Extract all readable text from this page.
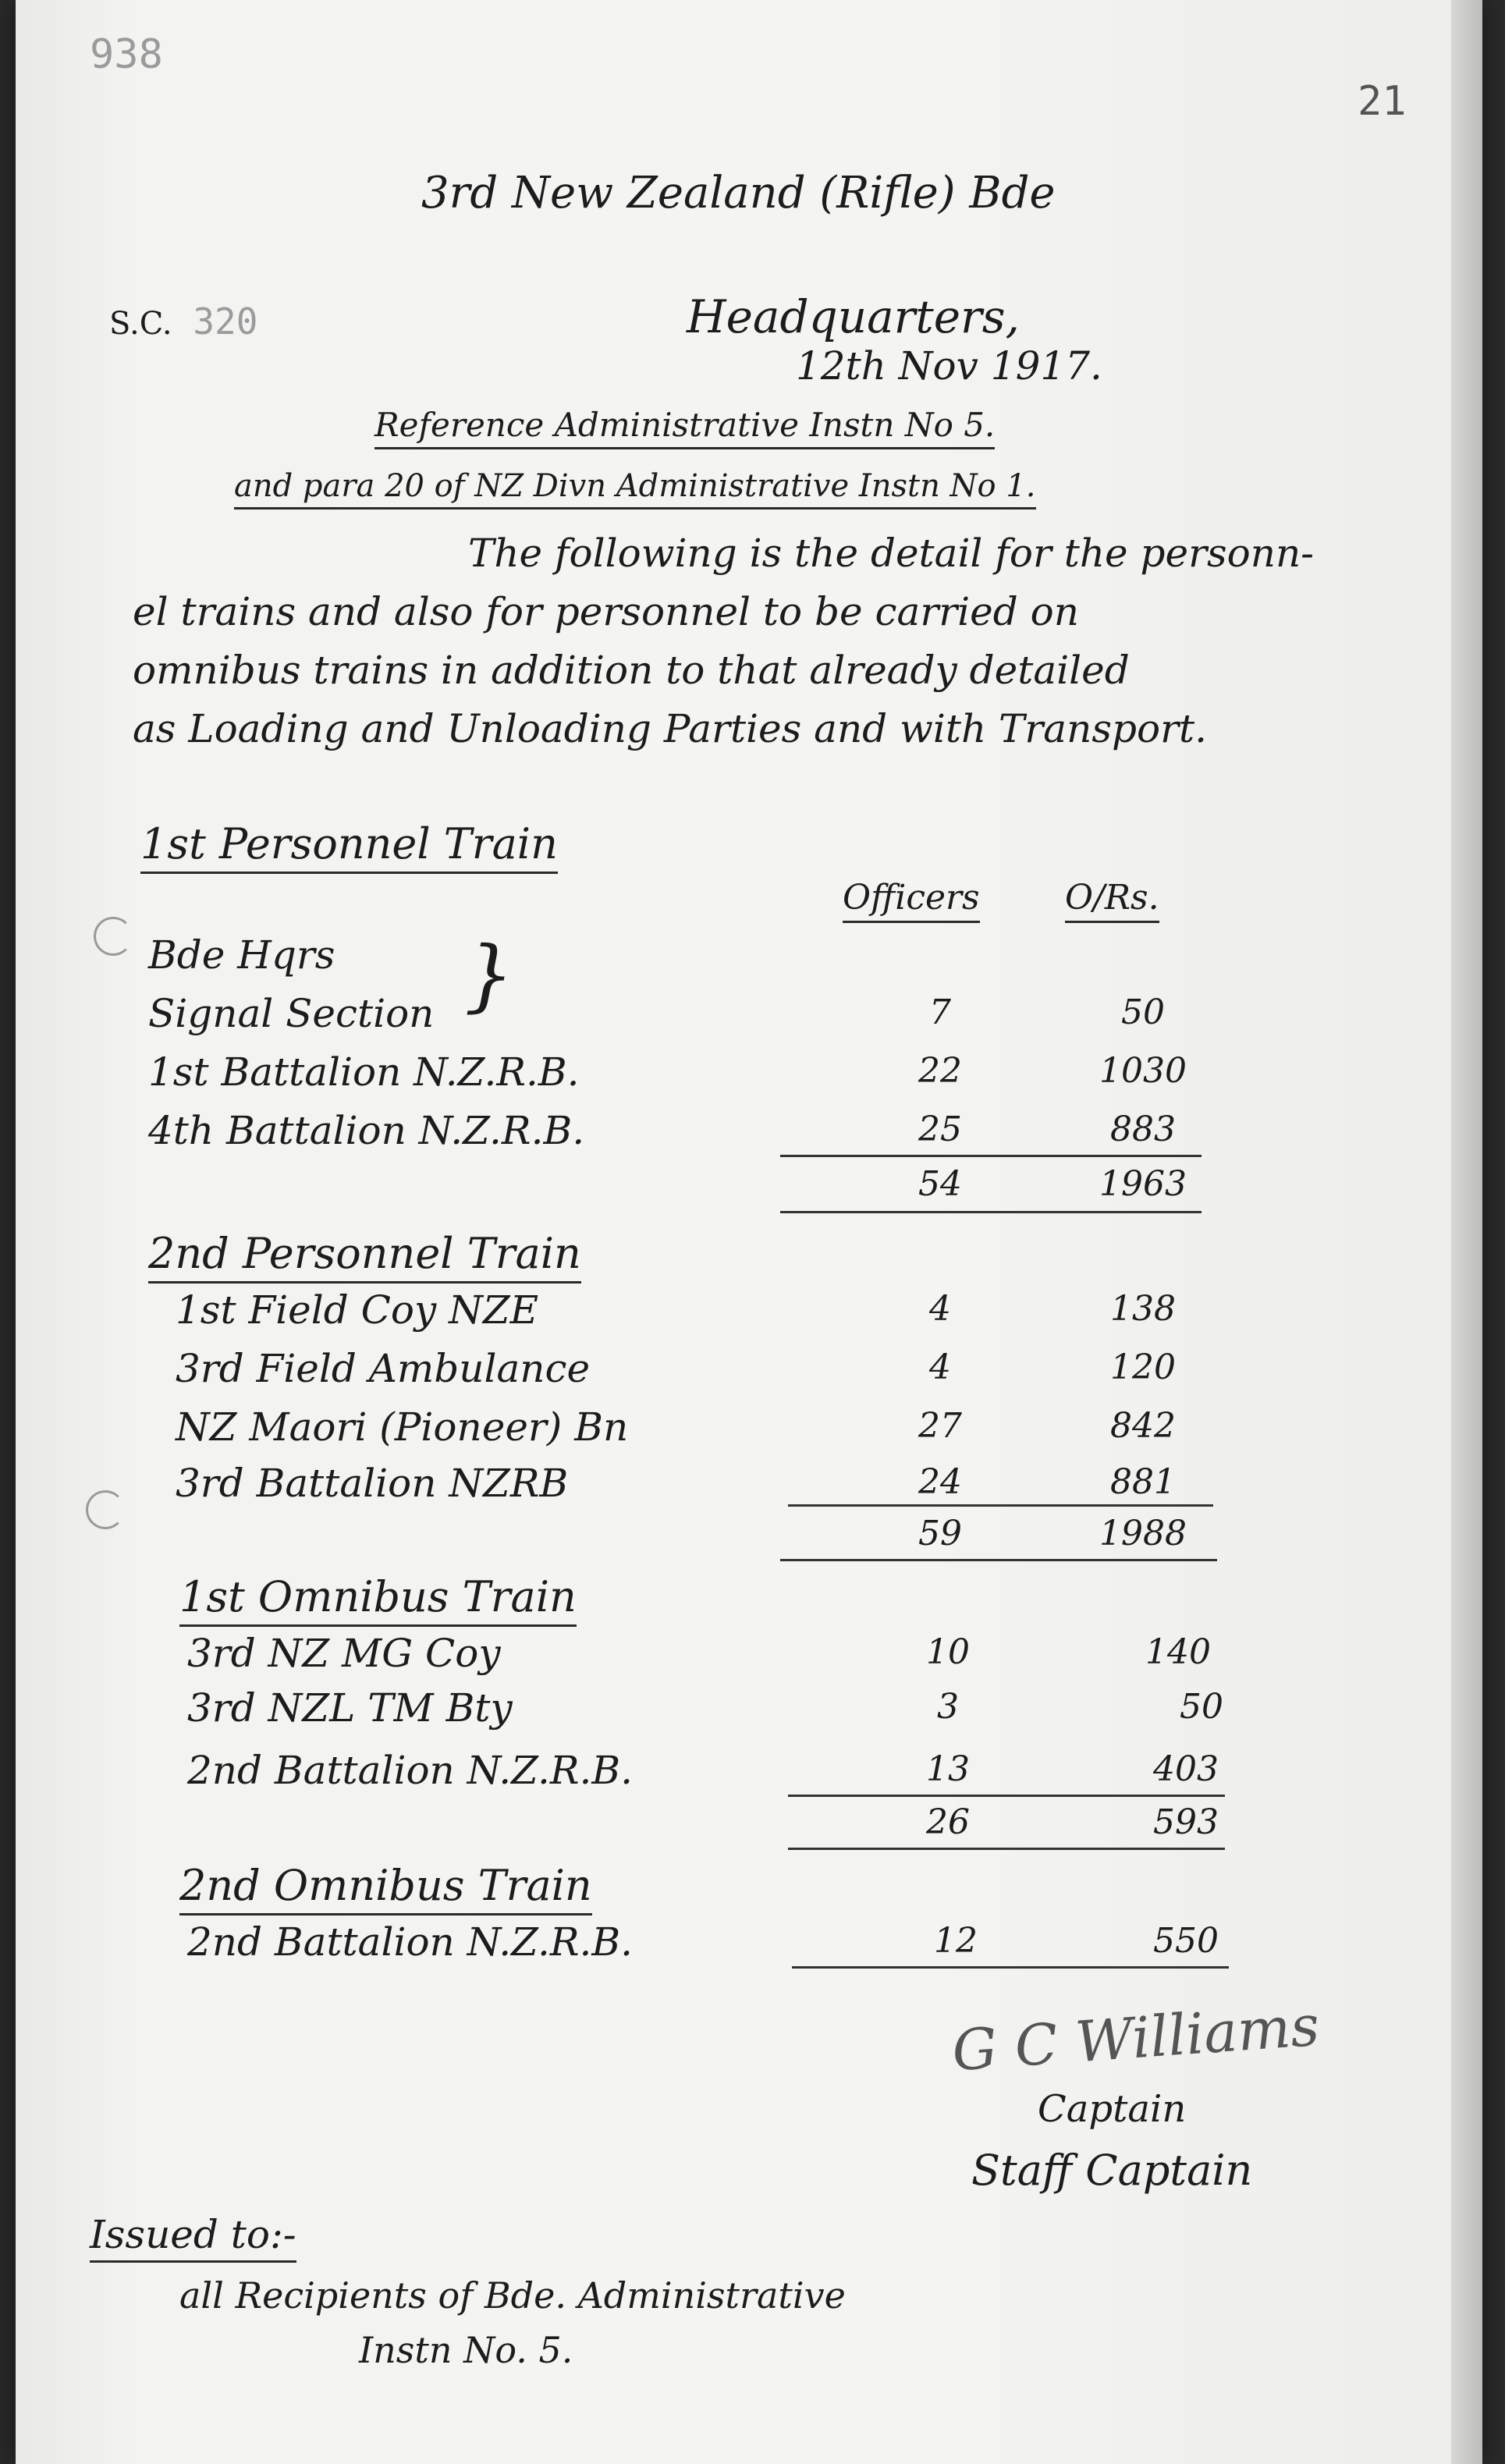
938
21
3rd New Zealand (Rifle) Bde
S.C. 320	Headquarters,
12th Nov 1917.
Reference Administrative Instn No 5.
and para 20 of NZ Divn Administrative Instn No 1.
The following is the detail for the personn-
el trains and also for personnel to be carried on
omnibus trains in addition to that already detailed
as Loading and Unloading Parties and with Transport.
1st Personnel Train
Officers O/Rs.
Bde Hqrs }
Signal Section	7	50
1st Battalion N.Z.R.B.	22	1030
4th Battalion N.Z.R.B.	25	883
54	1963
2nd Personnel Train
1st Field Coy NZE	4	138
3rd Field Ambulance	4	120
NZ Maori (Pioneer) Bn	27	842
3rd Battalion NZRB	24	881
59	1988
1st Omnibus Train
3rd NZ MG Coy	10	140
3rd NZL TM Bty	3	50
2nd Battalion N.Z.R.B.	13	403
26	593
2nd Omnibus Train
2nd Battalion N.Z.R.B.	12	550
G C Williams
Captain
Staff Captain
Issued to:-
all Recipients of Bde. Administrative
Instn No. 5.
